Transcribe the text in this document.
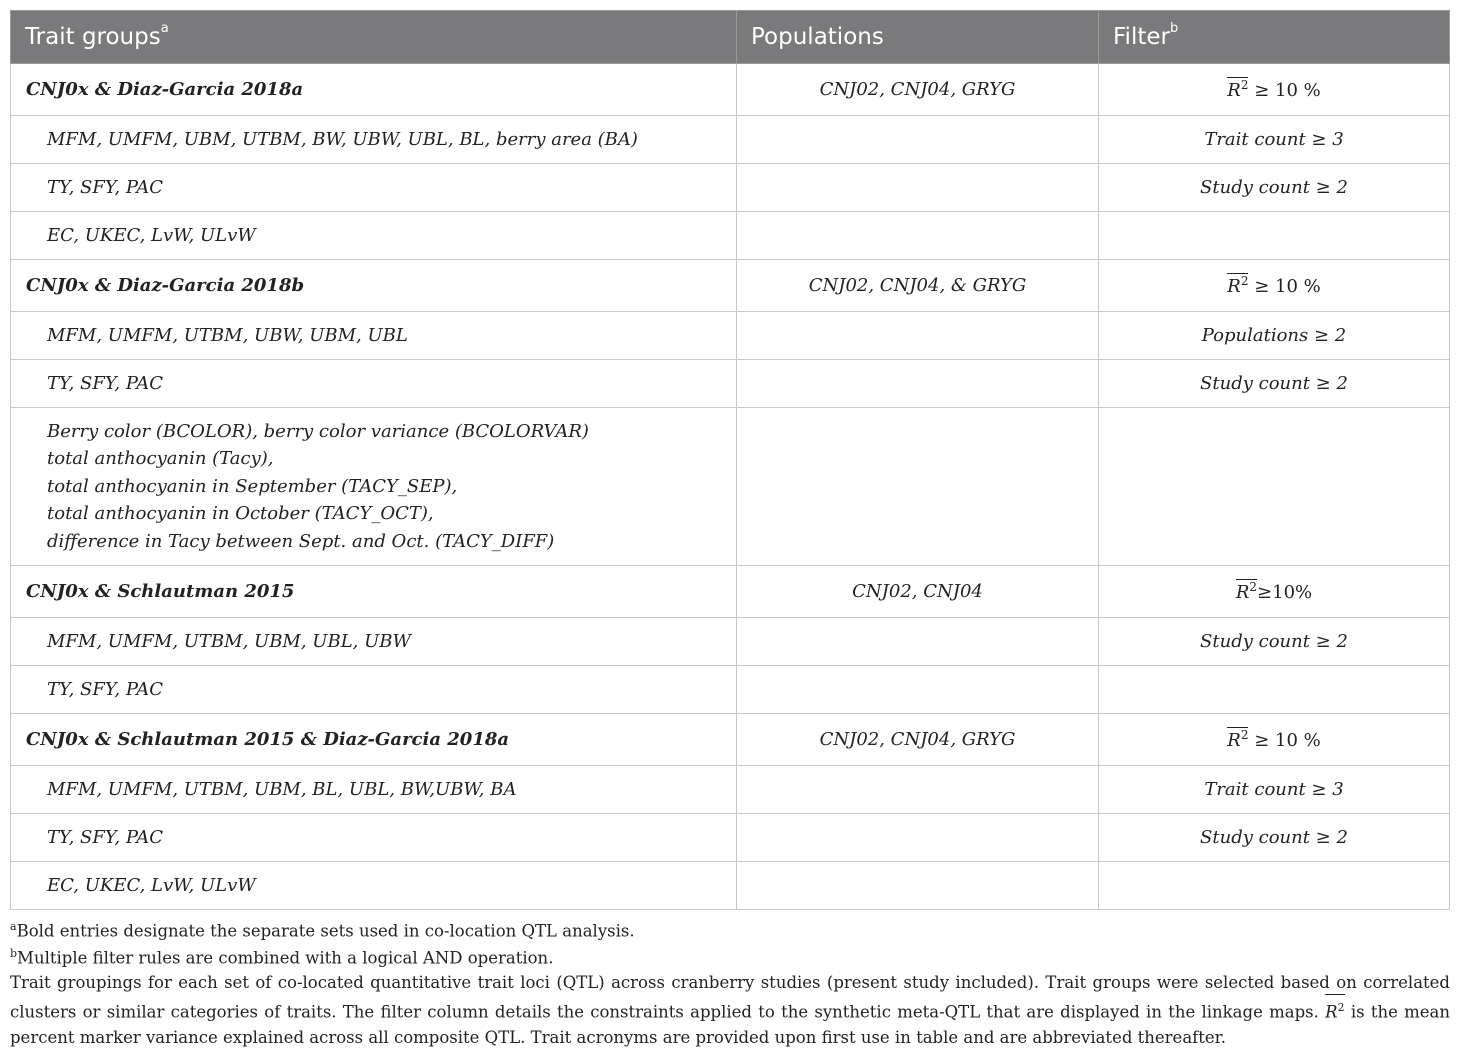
Trait groups$^a$	Populations	Filter$^b$
CNJ0x & Diaz-Garcia 2018a	CNJ02, CNJ04, GRYG	$R^2 \ge 10$ %
MFM, UMFM, UBM, UTBM, BW, UBW, UBL, BL, berry area (BA)		Trait count ≥ 3
TY, SFY, PAC		Study count ≥ 2
EC, UKEC, LvW, ULvW		
CNJ0x & Diaz-Garcia 2018b	CNJ02, CNJ04, & GRYG	$R^2 \ge 10$ %
MFM, UMFM, UTBM, UBW, UBM, UBL		Populations ≥ 2
TY, SFY, PAC		Study count ≥ 2

Berry color (BCOLOR), berry color variance (BCOLORVAR)
total anthocyanin (Tacy),
total anthocyanin in September (TACY_SEP),
total anthocyanin in October (TACY_OCT),
difference in Tacy between Sept. and Oct. (TACY_DIFF)		

CNJ0x & Schlautman 2015	CNJ02, CNJ04	$R^2\ge 10\%$
MFM, UMFM, UTBM, UBM, UBL, UBW		Study count ≥ 2
TY, SFY, PAC		
CNJ0x & Schlautman 2015 & Diaz-Garcia 2018a	CNJ02, CNJ04, GRYG	$R^2 \ge 10$ %
MFM, UMFM, UTBM, UBM, BL, UBL, BW,UBW, BA		Trait count ≥ 3
TY, SFY, PAC		Study count ≥ 2
EC, UKEC, LvW, ULvW		
$^a$Bold entries designate the separate sets used in co-location QTL analysis.
$^b$Multiple filter rules are combined with a logical AND operation.
Trait groupings for each set of co-located quantitative trait loci (QTL) across cranberry studies (present study included). Trait groups were selected based on correlated clusters or similar categories of traits. The filter column details the constraints applied to the synthetic meta-QTL that are displayed in the linkage maps. $R^2$ is the mean percent marker variance explained across all composite QTL. Trait acronyms are provided upon first use in table and are abbreviated thereafter.
